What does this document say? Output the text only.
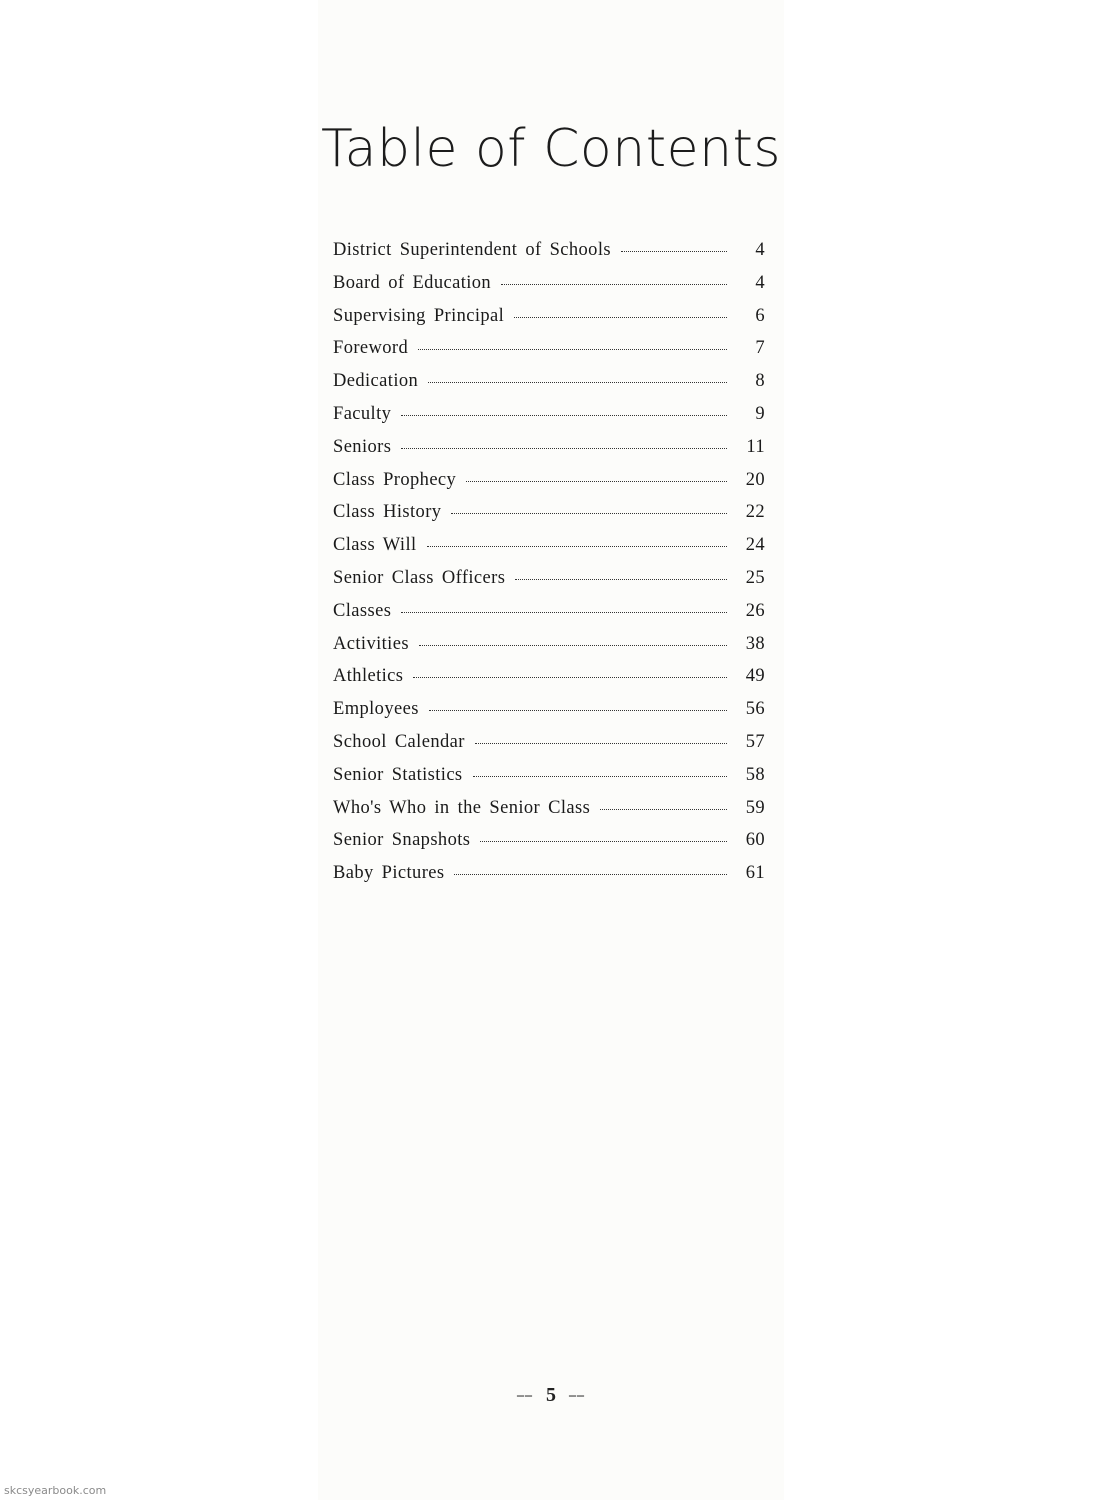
Table of Contents
District Superintendent of Schools	4
Board of Education	4
Supervising Principal	6
Foreword	7
Dedication	8
Faculty	9
Seniors	11
Class Prophecy	20
Class History	22
Class Will	24
Senior Class Officers	25
Classes	26
Activities	38
Athletics	49
Employees	56
School Calendar	57
Senior Statistics	58
Who's Who in the Senior Class	59
Senior Snapshots	60
Baby Pictures	61
‒‒ 5 ‒‒
skcsyearbook.com
